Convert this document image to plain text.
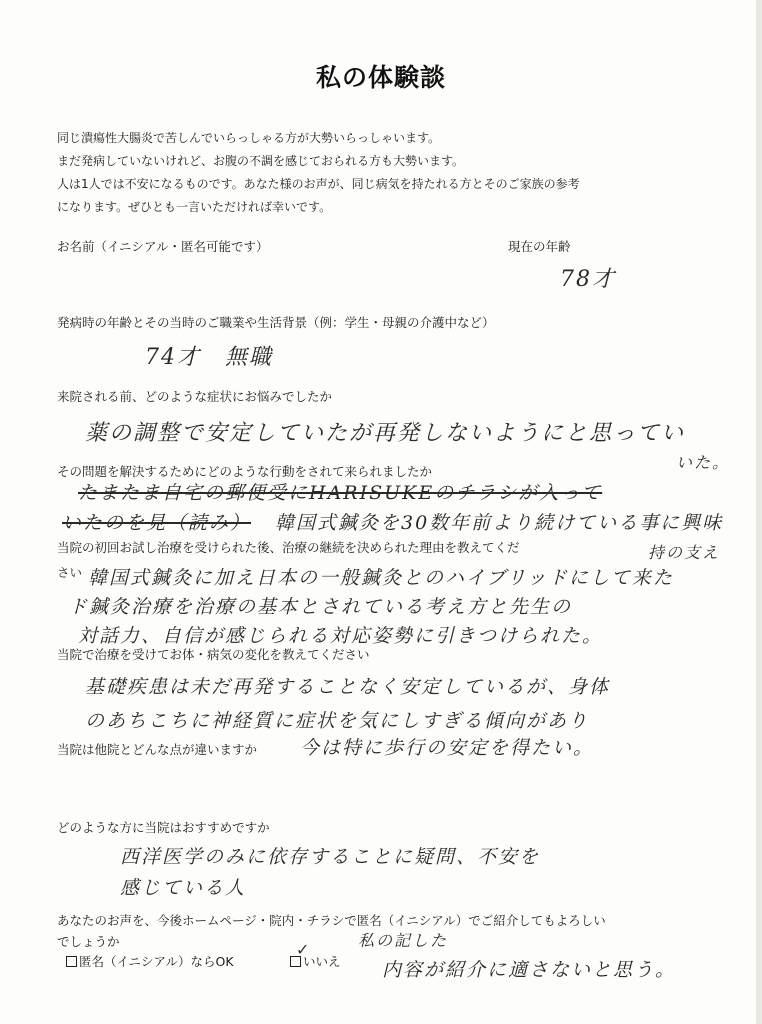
私の体験談

同じ潰瘍性大腸炎で苦しんでいらっしゃる方が大勢いらっしゃいます。

まだ発病していないけれど、お腹の不調を感じておられる方も大勢います。

人は1人では不安になるものです。あなた様のお声が、同じ病気を持たれる方とそのご家族の参考

になります。ぜひとも一言いただければ幸いです。

お名前（イニシアル・匿名可能です）	現在の年齢
78才
発病時の年齢とその当時のご職業や生活背景（例：学生・母親の介護中など）
74才　無職
来院される前、どのような症状にお悩みでしたか
薬の調整で安定していたが再発しないようにと思ってい
いた。
その問題を解決するためにどのような行動をされて来られましたか
たまたま自宅の郵便受にHARISUKEのチラシが入って
いたのを見（読み） 韓国式鍼灸を30数年前より続けている事に興味
当院の初回お試し治療を受けられた後、治療の継続を決められた理由を教えてくだ	持の支え
さい 韓国式鍼灸に加え日本の一般鍼灸とのハイブリッドにして来た
ド鍼灸治療を治療の基本とされている考え方と先生の
対話力、自信が感じられる対応姿勢に引きつけられた。
当院で治療を受けてお体・病気の変化を教えてください
基礎疾患は未だ再発することなく安定しているが、身体
のあちこちに神経質に症状を気にしすぎる傾向があり
当院は他院とどんな点が違いますか 今は特に歩行の安定を得たい。
どのような方に当院はおすすめですか
西洋医学のみに依存することに疑問、不安を
感じている人
あなたのお声を、今後ホームページ・院内・チラシで匿名（イニシアル）でご紹介してもよろしい
でしょうか
匿名（イニシアル）ならOK	いいえ
✓	私の記した
内容が紹介に適さないと思う。
